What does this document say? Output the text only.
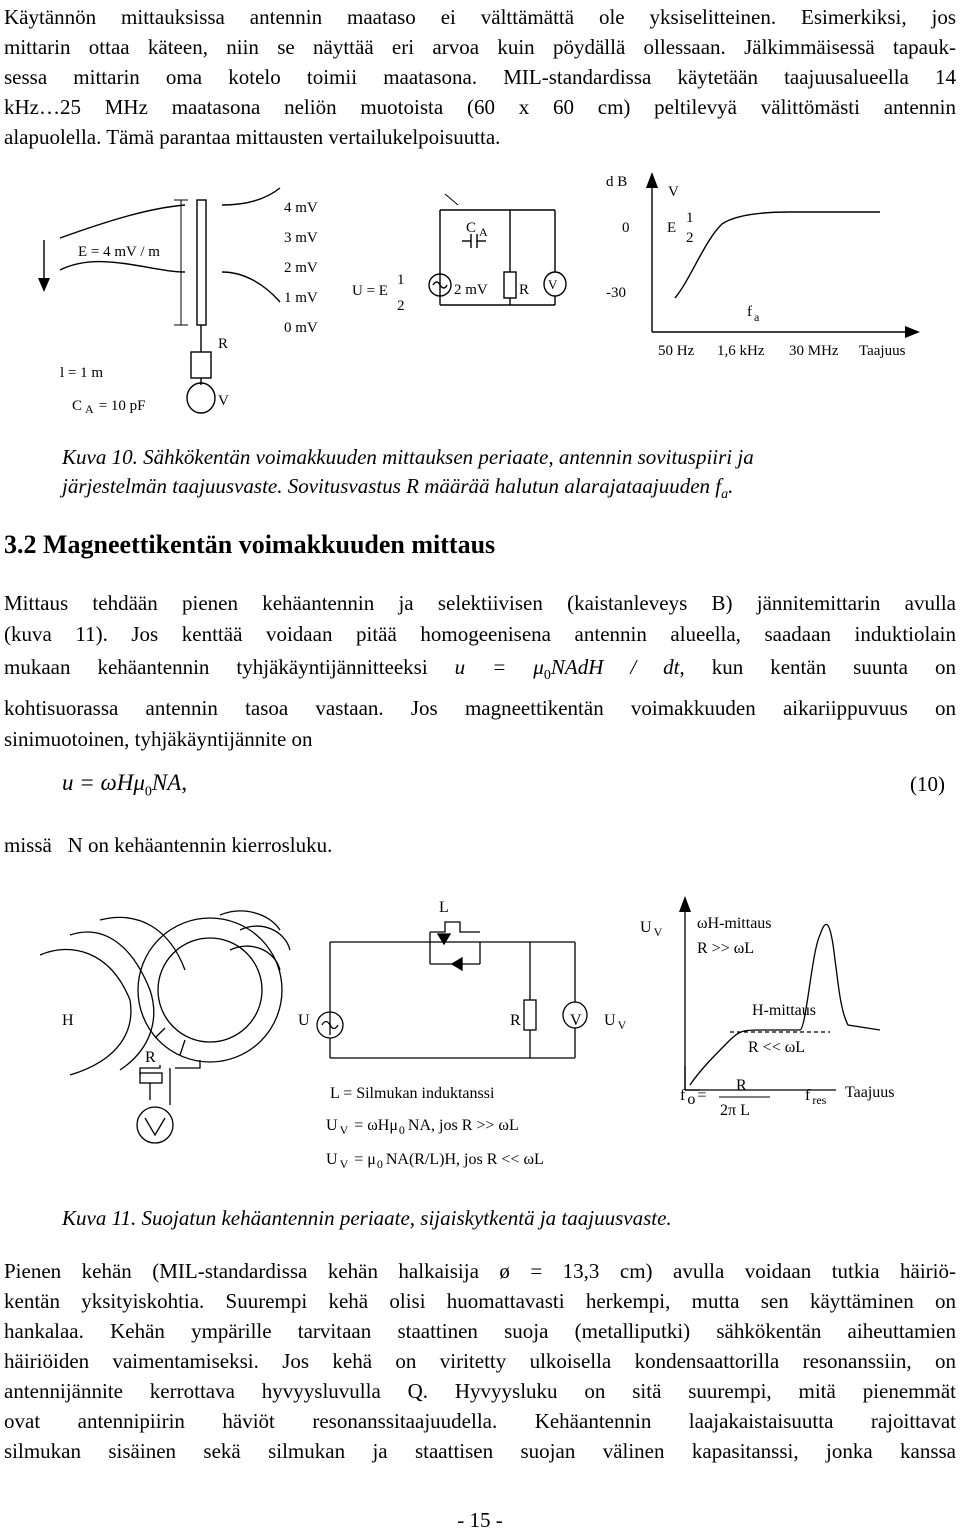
Käytännön mittauksissa antennin maataso ei välttämättä ole yksiselitteinen. Esimerkiksi, jos
mittarin ottaa käteen, niin se näyttää eri arvoa kuin pöydällä ollessaan. Jälkimmäisessä tapauk-
sessa mittarin oma kotelo toimii maatasona. MIL-standardissa käytetään taajuusalueella 14
kHz…25 MHz maatasona neliön muotoista (60 x 60 cm) peltilevyä välittömästi antennin
alapuolella. Tämä parantaa mittausten vertailukelpoisuutta.
E = 4 mV / m
l = 1 m
C $_A$ = 10 pF
R
V
4 mV
3 mV
2 mV
1 mV
0 mV
U = E
1
2
2 mV
C $_A$
R V
d B
0
-30
V
E
1
2
f $_a$
50 Hz 1,6 kHz 30 MHz Taajuus
Kuva 10. Sähkökentän voimakkuuden mittauksen periaate, antennin sovituspiiri ja
järjestelmän taajuusvaste. Sovitusvastus R määrää halutun alarajataajuuden $f_a$.
3.2 Magneettikentän voimakkuuden mittaus
Mittaus tehdään pienen kehäantennin ja selektiivisen (kaistanleveys B) jännitemittarin avulla
(kuva 11). Jos kenttää voidaan pitää homogeenisena antennin alueella, saadaan induktiolain
mukaan kehäantennin tyhjäkäyntijännitteeksi $u = \mu_0NAdH$ / dt, kun kentän suunta on
kohtisuorassa antennin tasoa vastaan. Jos magneettikentän voimakkuuden aikariippuvuus on
sinimuotoinen, tyhjäkäyntijännite on
u = ωHμ$_0$NA,	(10)
missä   N on kehäantennin kierrosluku.
H
R
L
U	R	V U $_V$
L = Silmukan induktanssi
U $_V$ = ωHμ$_0$ NA, jos R >> ωL
U $_V = \mu_0$ NA(R/L)H, jos R << ωL
U $_V$ ωH-mittaus
R >> ωL
H-mittaus
R << ωL
f o =
R
2π L
f $_{res}$ Taajuus
Kuva 11. Suojatun kehäantennin periaate, sijaiskytkentä ja taajuusvaste.
Pienen kehän (MIL-standardissa kehän halkaisija ø = 13,3 cm) avulla voidaan tutkia häiriö-
kentän yksityiskohtia. Suurempi kehä olisi huomattavasti herkempi, mutta sen käyttäminen on
hankalaa. Kehän ympärille tarvitaan staattinen suoja (metalliputki) sähkökentän aiheuttamien
häiriöiden vaimentamiseksi. Jos kehä on viritetty ulkoisella kondensaattorilla resonanssiin, on
antennijännite kerrottava hyvyysluvulla Q. Hyvyysluku on sitä suurempi, mitä pienemmät
ovat antennipiirin häviöt resonanssitaajuudella. Kehäantennin laajakaistaisuutta rajoittavat
silmukan sisäinen sekä silmukan ja staattisen suojan välinen kapasitanssi, jonka kanssa
- 15 -
